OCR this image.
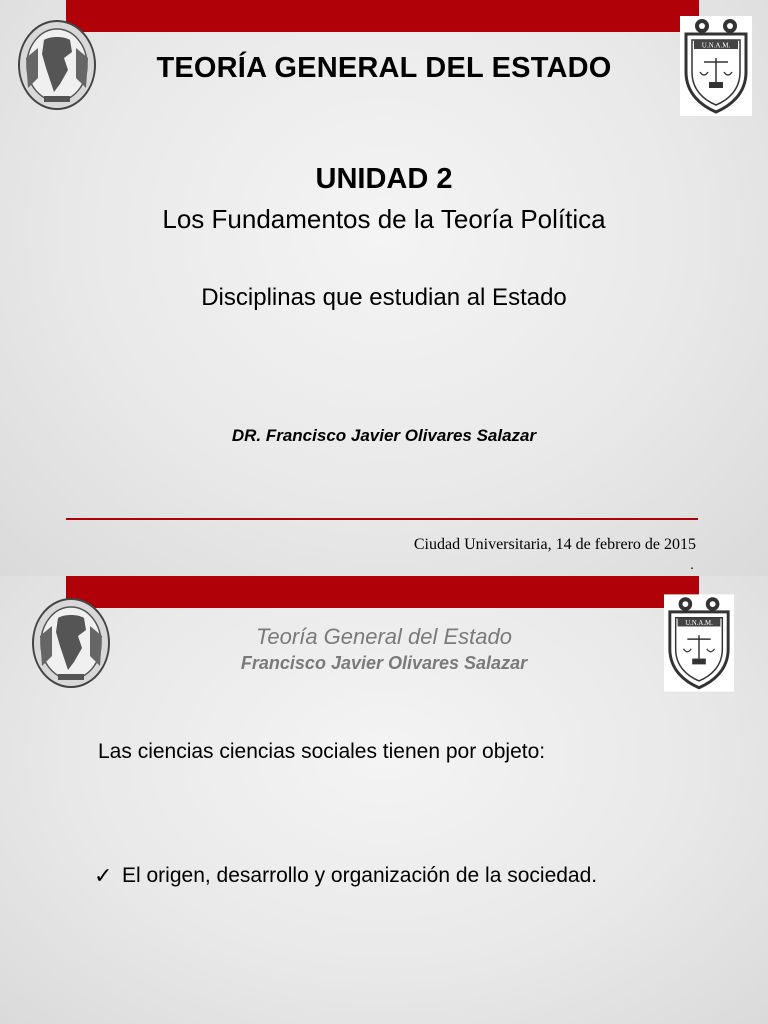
U.N.A.M.
TEORÍA GENERAL DEL ESTADO
UNIDAD 2
Los Fundamentos de la Teoría Política
Disciplinas que estudian al Estado
DR. Francisco Javier Olivares Salazar
Ciudad Universitaria, 14 de febrero de 2015
.
U.N.A.M.
Teoría General del Estado
Francisco Javier Olivares Salazar
Las ciencias ciencias sociales tienen por objeto:
✓ El origen, desarrollo y organización de la sociedad.
